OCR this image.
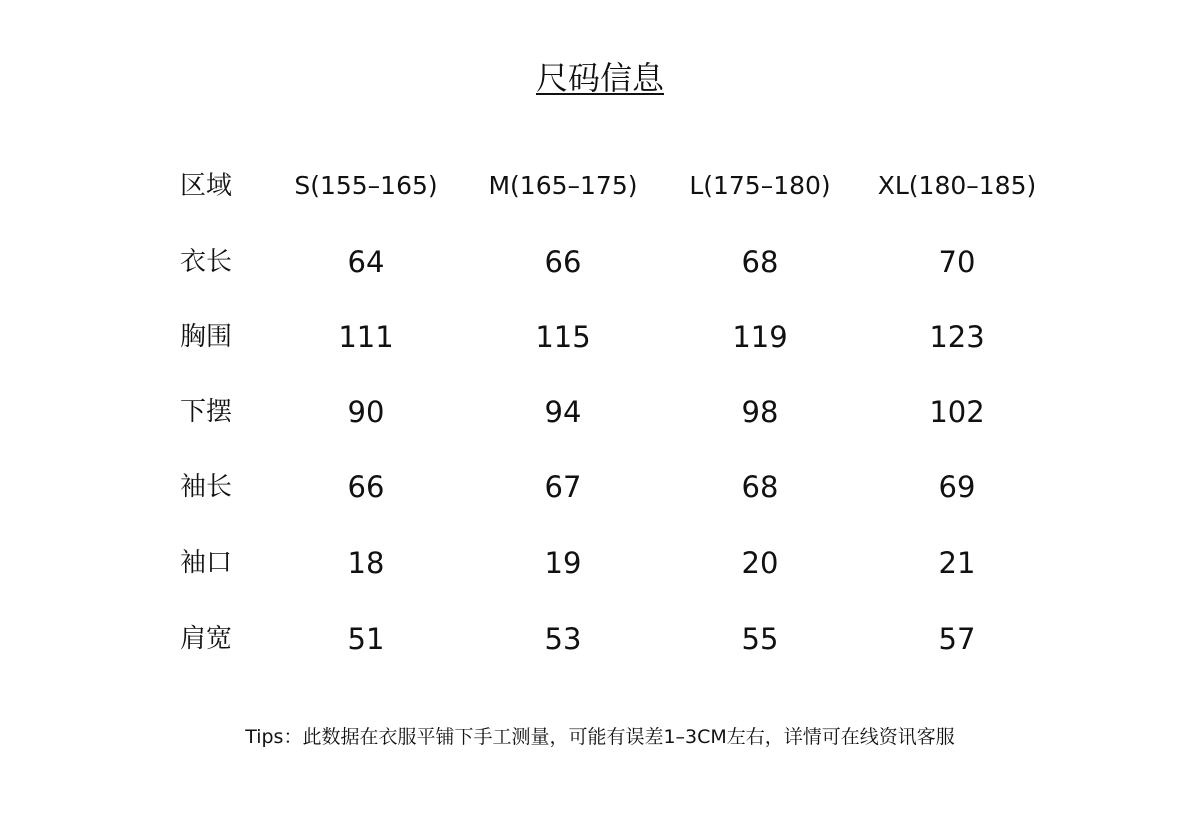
尺码信息
区域	S(155–165)	M(165–175)	L(175–180)	XL(180–185)
衣长	64	66	68	70
胸围	111	115	119	123
下摆	90	94	98	102
袖长	66	67	68	69
袖口	18	19	20	21
肩宽	51	53	55	57
Tips：此数据在衣服平铺下手工测量，可能有误差1–3CM左右，详情可在线资讯客服
